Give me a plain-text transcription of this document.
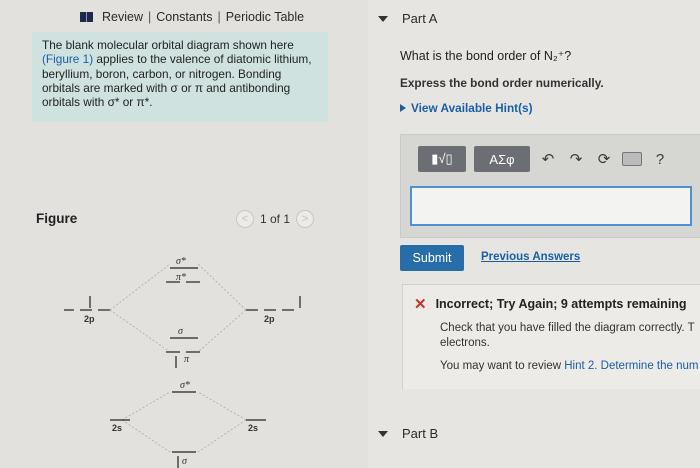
Review | Constants | Periodic Table
The blank molecular orbital diagram shown here
(Figure 1) applies to the valence of diatomic lithium,
beryllium, boron, carbon, or nitrogen. Bonding
orbitals are marked with σ or π and antibonding
orbitals with σ* or π*.
Figure	< 1 of 1	>
σ*
π*
σ
π
σ*
σ
2p	2p
2s	2s
Part A
What is the bond order of N₂⁺?
Express the bond order numerically.
View Available Hint(s)
▮√▯	ΑΣφ	↶ ↷ ⟳	?
Submit	Previous Answers
✕ Incorrect; Try Again; 9 attempts remaining
Check that you have filled the diagram correctly. T
electrons.
You may want to review Hint 2. Determine the num
Part B
